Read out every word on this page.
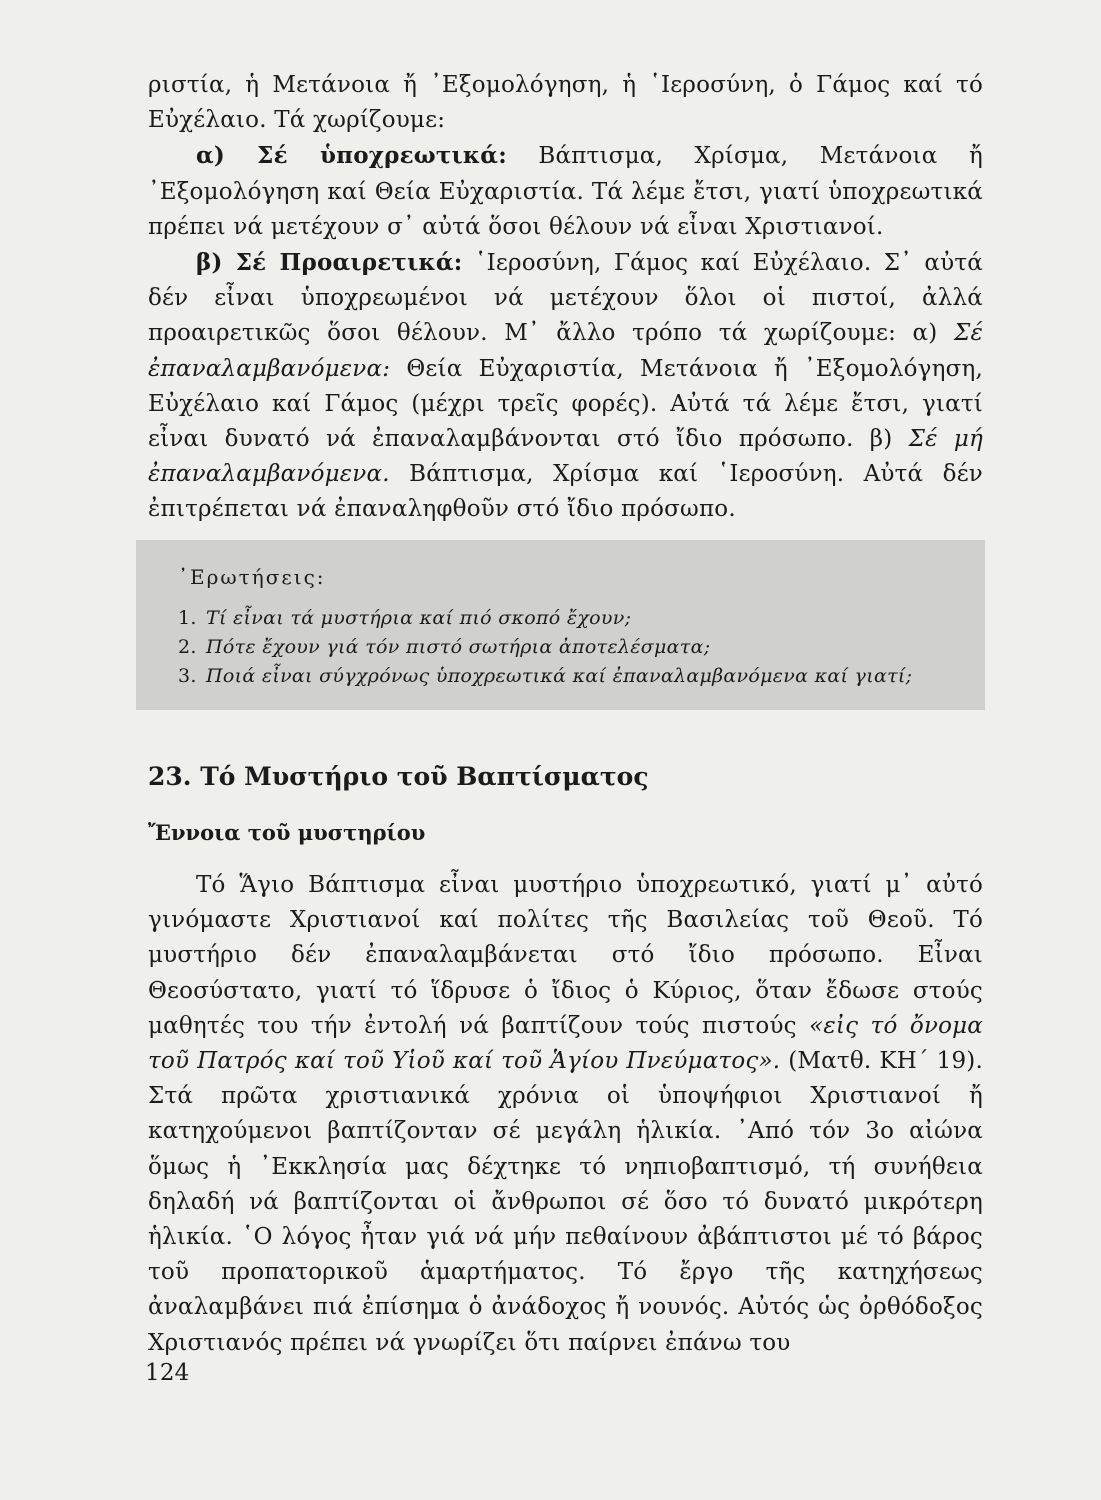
ριστία, ἡ Μετάνοια ἤ ᾿Εξομολόγηση, ἡ ῾Ιεροσύνη, ὁ Γάμος καί τό Εὐχέλαιο. Τά χωρίζουμε:

α) Σέ ὑποχρεωτικά: Βάπτισμα, Χρίσμα, Μετάνοια ἤ ᾿Εξομολόγηση καί Θεία Εὐχαριστία. Τά λέμε ἔτσι, γιατί ὑποχρεωτικά πρέπει νά μετέχουν σ᾿ αὐτά ὅσοι θέλουν νά εἶναι Χριστιανοί.

β) Σέ Προαιρετικά: ῾Ιεροσύνη, Γάμος καί Εὐχέλαιο. Σ᾿ αὐτά δέν εἶναι ὑποχρεωμένοι νά μετέχουν ὅλοι οἱ πιστοί, ἀλλά προαιρετικῶς ὅσοι θέλουν. Μ᾿ ἄλλο τρόπο τά χωρίζουμε: α) Σέ ἐπαναλαμβανόμενα: Θεία Εὐχαριστία, Μετάνοια ἤ ᾿Εξομολόγηση, Εὐχέλαιο καί Γάμος (μέχρι τρεῖς φορές). Αὐτά τά λέμε ἔτσι, γιατί εἶναι δυνατό νά ἐπαναλαμβάνονται στό ἴδιο πρόσωπο. β) Σέ μή ἐπαναλαμβανόμενα. Βάπτισμα, Χρίσμα καί ῾Ιεροσύνη. Αὐτά δέν ἐπιτρέπεται νά ἐπαναληφθοῦν στό ἴδιο πρόσωπο.

᾿Ερωτήσεις:

1. Τί εἶναι τά μυστήρια καί πιό σκοπό ἔχουν;
2. Πότε ἔχουν γιά τόν πιστό σωτήρια ἀποτελέσματα;
3. Ποιά εἶναι σύγχρόνως ὑποχρεωτικά καί ἐπαναλαμβανόμενα καί γιατί;
23. Τό Μυστήριο τοῦ Βαπτίσματος
Ἔννοια τοῦ μυστηρίου

Τό Ἅγιο Βάπτισμα εἶναι μυστήριο ὑποχρεωτικό, γιατί μ᾿ αὐτό γινόμαστε Χριστιανοί καί πολίτες τῆς Βασιλείας τοῦ Θεοῦ. Τό μυστήριο δέν ἐπαναλαμβάνεται στό ἴδιο πρόσωπο. Εἶναι Θεοσύστατο, γιατί τό ἵδρυσε ὁ ἴδιος ὁ Κύριος, ὅταν ἔδωσε στούς μαθητές του τήν ἐντολή νά βαπτίζουν τούς πιστούς «εἰς τό ὄνομα τοῦ Πατρός καί τοῦ Υἱοῦ καί τοῦ Ἁγίου Πνεύματος». (Ματθ. ΚΗ΄ 19). Στά πρῶτα χριστιανικά χρόνια οἱ ὑποψήφιοι Χριστιανοί ἤ κατηχούμενοι βαπτίζονταν σέ μεγάλη ἡλικία. ᾿Από τόν 3ο αἰώνα ὅμως ἡ ᾿Εκκλησία μας δέχτηκε τό νηπιοβαπτισμό, τή συνήθεια δηλαδή νά βαπτίζονται οἱ ἄνθρωποι σέ ὅσο τό δυνατό μικρότερη ἡλικία. ῾Ο λόγος ἦταν γιά νά μήν πεθαίνουν ἀβάπτιστοι μέ τό βάρος τοῦ προπατορικοῦ ἁμαρτήματος. Τό ἔργο τῆς κατηχήσεως ἀναλαμβάνει πιά ἐπίσημα ὁ ἀνάδοχος ἤ νουνός. Αὐτός ὡς ὀρθόδοξος Χριστιανός πρέπει νά γνωρίζει ὅτι παίρνει ἐπάνω του

124
